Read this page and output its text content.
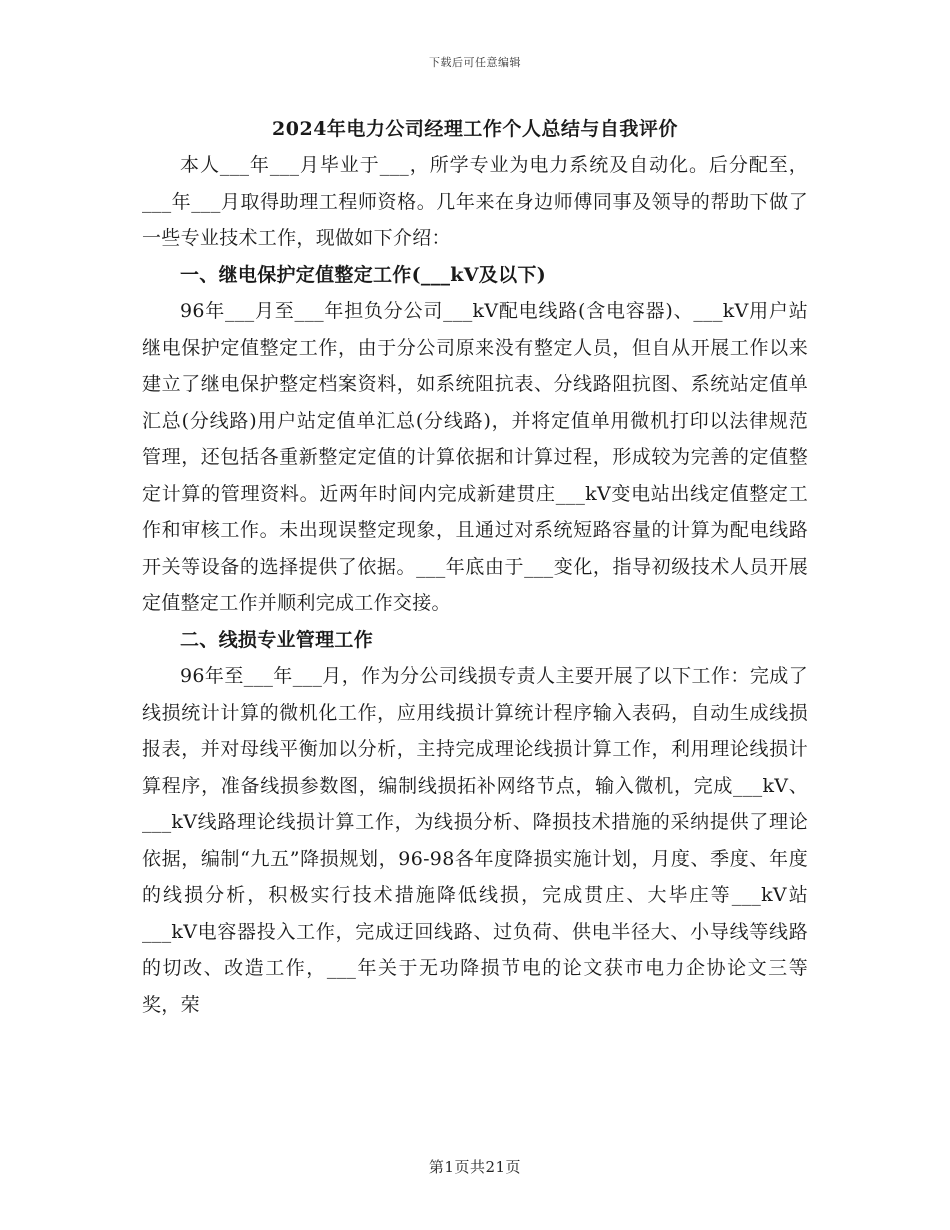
下载后可任意编辑
2024年电力公司经理工作个人总结与自我评价

本人___年___月毕业于___，所学专业为电力系统及自动化。后分配至，___年___月取得助理工程师资格。几年来在身边师傅同事及领导的帮助下做了一些专业技术工作，现做如下介绍：

一、继电保护定值整定工作(___kV及以下)

96年___月至___年担负分公司___kV配电线路(含电容器)、___kV用户站继电保护定值整定工作，由于分公司原来没有整定人员，但自从开展工作以来建立了继电保护整定档案资料，如系统阻抗表、分线路阻抗图、系统站定值单汇总(分线路)用户站定值单汇总(分线路)，并将定值单用微机打印以法律规范管理，还包括各重新整定定值的计算依据和计算过程，形成较为完善的定值整定计算的管理资料。近两年时间内完成新建贯庄___kV变电站出线定值整定工作和审核工作。未出现误整定现象，且通过对系统短路容量的计算为配电线路开关等设备的选择提供了依据。___年底由于___变化，指导初级技术人员开展定值整定工作并顺利完成工作交接。

二、线损专业管理工作

96年至___年___月，作为分公司线损专责人主要开展了以下工作：完成了线损统计计算的微机化工作，应用线损计算统计程序输入表码，自动生成线损报表，并对母线平衡加以分析，主持完成理论线损计算工作，利用理论线损计算程序，准备线损参数图，编制线损拓补网络节点，输入微机，完成___kV、___kV线路理论线损计算工作，为线损分析、降损技术措施的采纳提供了理论依据，编制“九五”降损规划，96-98各年度降损实施计划，月度、季度、年度的线损分析，积极实行技术措施降低线损，完成贯庄、大毕庄等___kV站___kV电容器投入工作，完成迂回线路、过负荷、供电半径大、小导线等线路的切改、改造工作，___年关于无功降损节电的论文获市电力企协论文三等奖，荣

第1页共21页
